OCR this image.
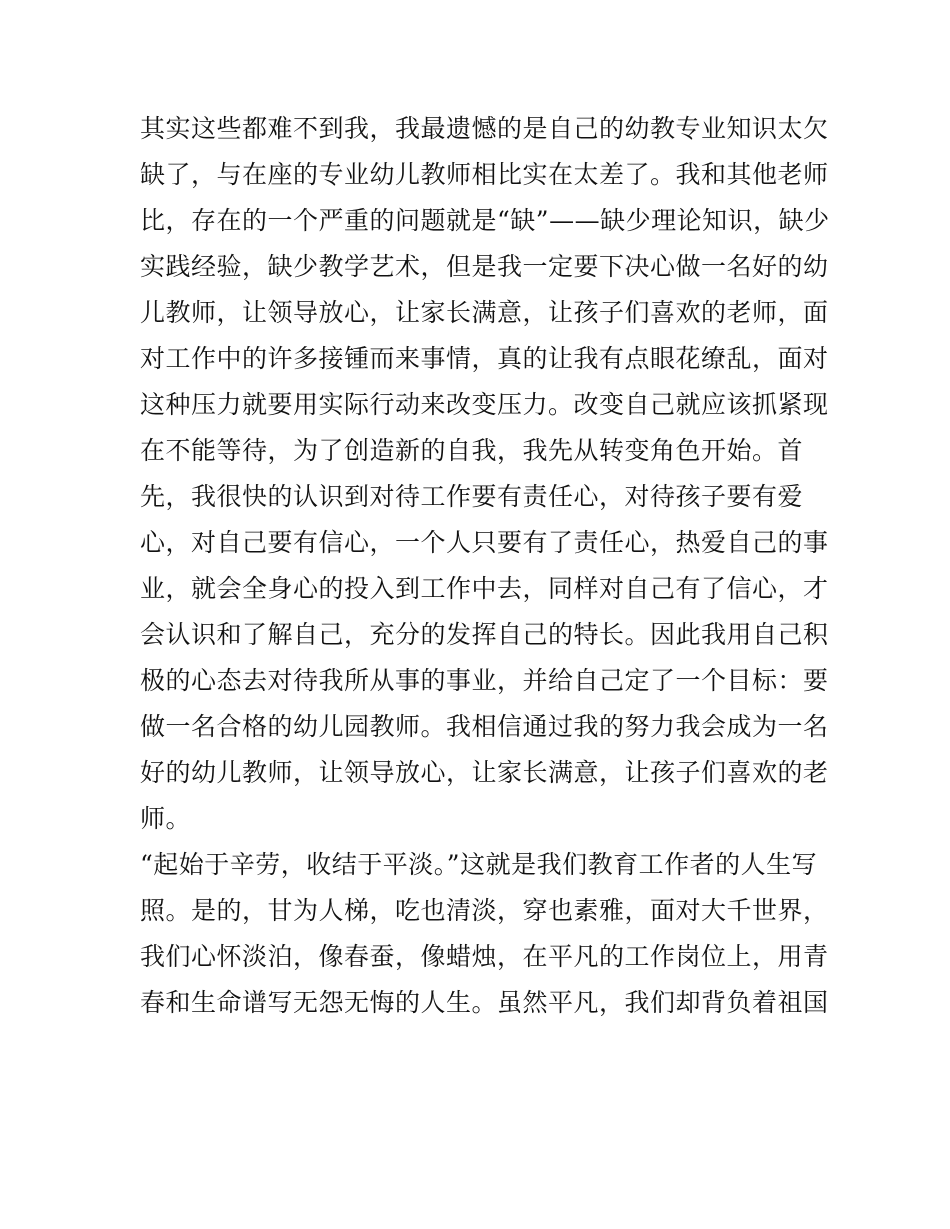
其实这些都难不到我，我最遗憾的是自己的幼教专业知识太欠
缺了，与在座的专业幼儿教师相比实在太差了。我和其他老师
比，存在的一个严重的问题就是“缺”——缺少理论知识，缺少
实践经验，缺少教学艺术，但是我一定要下决心做一名好的幼
儿教师，让领导放心，让家长满意，让孩子们喜欢的老师，面
对工作中的许多接锺而来事情，真的让我有点眼花缭乱，面对
这种压力就要用实际行动来改变压力。改变自己就应该抓紧现
在不能等待，为了创造新的自我，我先从转变角色开始。首
先，我很快的认识到对待工作要有责任心，对待孩子要有爱
心，对自己要有信心，一个人只要有了责任心，热爱自己的事
业，就会全身心的投入到工作中去，同样对自己有了信心，才
会认识和了解自己，充分的发挥自己的特长。因此我用自己积
极的心态去对待我所从事的事业，并给自己定了一个目标：要
做一名合格的幼儿园教师。我相信通过我的努力我会成为一名
好的幼儿教师，让领导放心，让家长满意，让孩子们喜欢的老
师。
“起始于辛劳，收结于平淡。”这就是我们教育工作者的人生写
照。是的，甘为人梯，吃也清淡，穿也素雅，面对大千世界，
我们心怀淡泊，像春蚕，像蜡烛，在平凡的工作岗位上，用青
春和生命谱写无怨无悔的人生。虽然平凡，我们却背负着祖国
